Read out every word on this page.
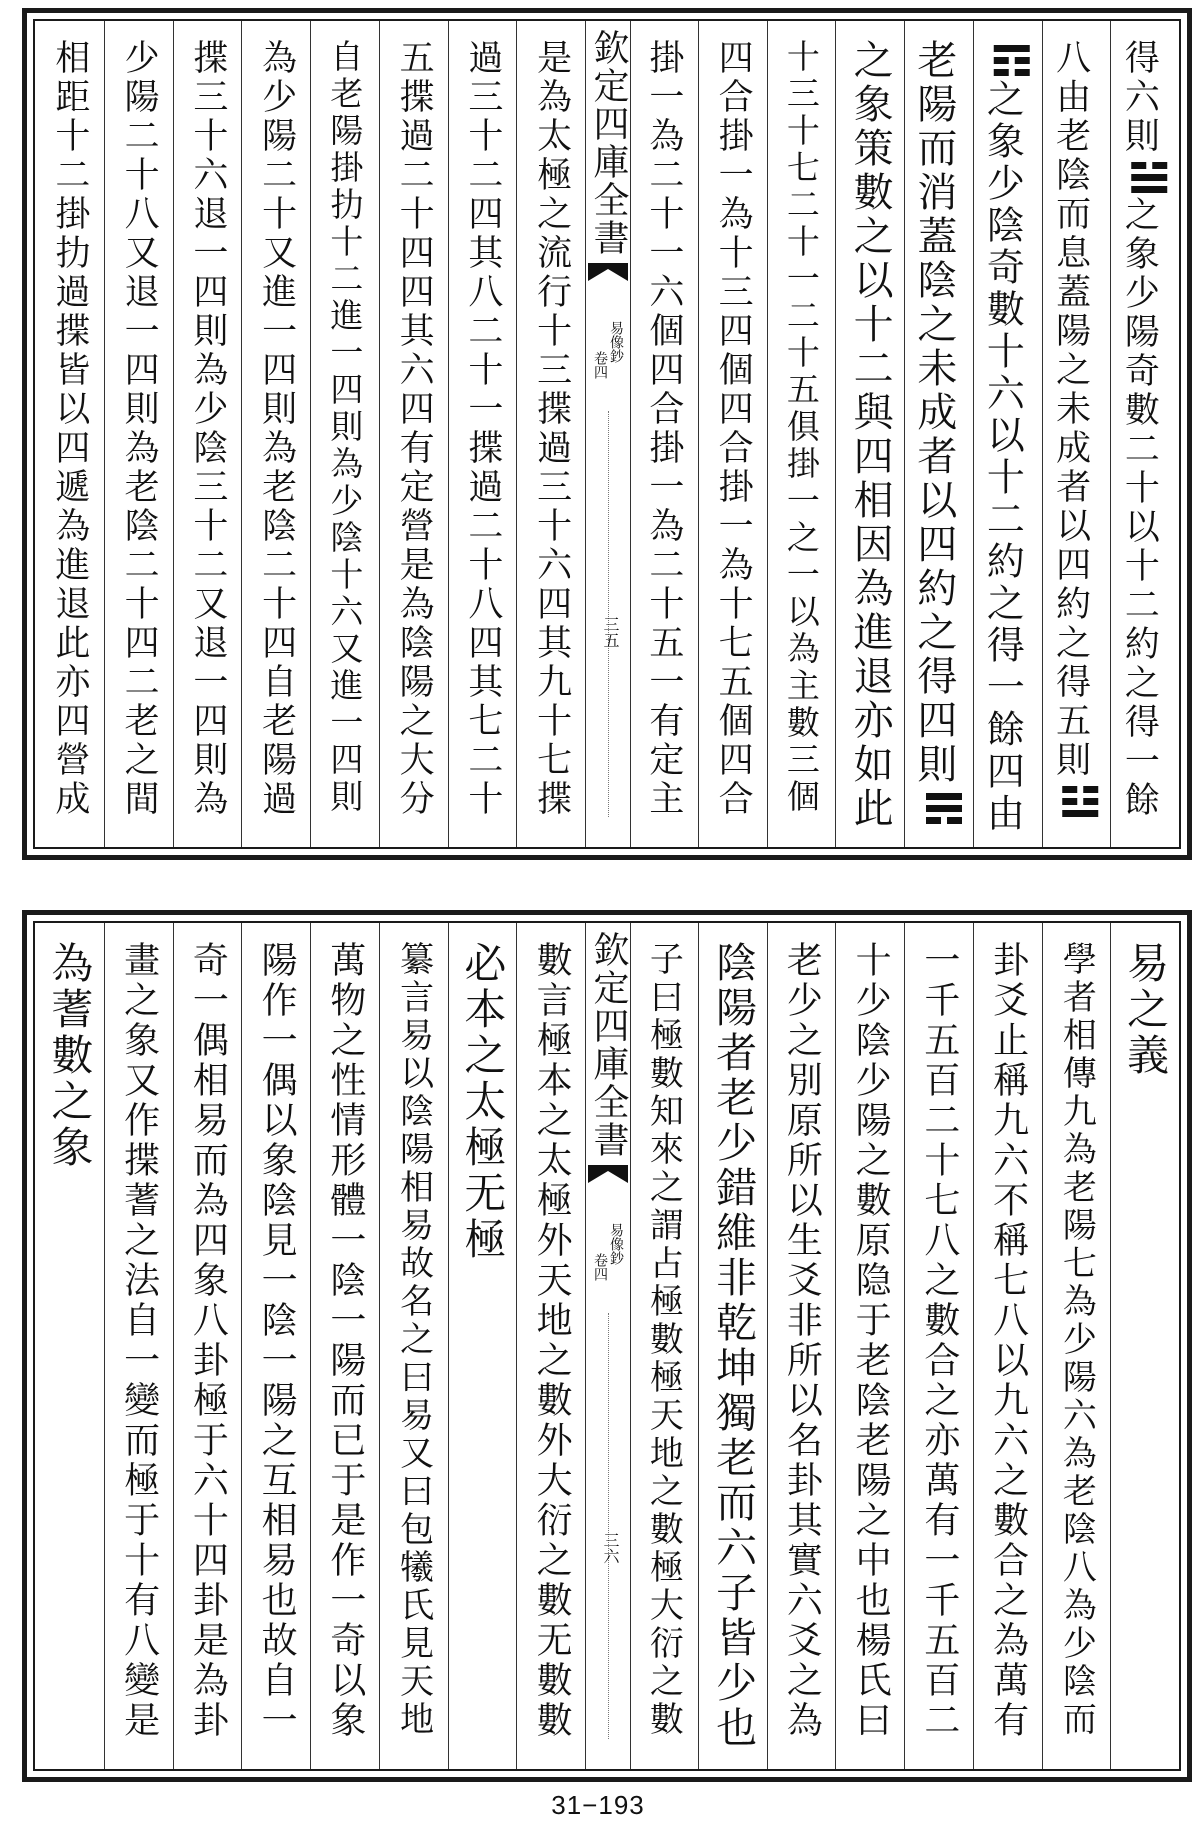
得六則之象少陽奇數二十以十二約之得一餘
八由老陰而息蓋陽之未成者以四約之得五則
之象少陰奇數十六以十二約之得一餘四由
老陽而消蓋陰之未成者以四約之得四則
之象策數之以十二與四相因為進退亦如此
十三十七二十一二十五俱掛一之一以為主數三個
四合掛一為十三四個四合掛一為十七五個四合
掛一為二十一六個四合掛一為二十五一有定主
欽定四庫全書
易像鈔
卷四
三五
是為太極之流行十三揲過三十六四其九十七揲
過三十二四其八二十一揲過二十八四其七二十
五揲過二十四四其六四有定營是為陰陽之大分
自老陽掛扐十二進一四則為少陰十六又進一四則
為少陽二十又進一四則為老陰二十四自老陽過
揲三十六退一四則為少陰三十二又退一四則為
少陽二十八又退一四則為老陰二十四二老之間
相距十二掛扐過揲皆以四遞為進退此亦四營成
易之義
學者相傳九為老陽七為少陽六為老陰八為少陰而
卦爻止稱九六不稱七八以九六之數合之為萬有
一千五百二十七八之數合之亦萬有一千五百二
十少陰少陽之數原隐于老陰老陽之中也楊氏曰
老少之別原所以生爻非所以名卦其實六爻之為
陰陽者老少錯維非乾坤獨老而六子皆少也
子曰極數知來之謂占極數極天地之數極大衍之數
欽定四庫全書
易像鈔
卷四
三六
數言極本之太極外天地之數外大衍之數无數數
必本之太極无極
纂言易以陰陽相易故名之曰易又曰包犧氏見天地
萬物之性情形體一陰一陽而已于是作一奇以象
陽作一偶以象陰見一陰一陽之互相易也故自一
奇一偶相易而為四象八卦極于六十四卦是為卦
畫之象又作揲蓍之法自一變而極于十有八變是
為蓍數之象
31−193
